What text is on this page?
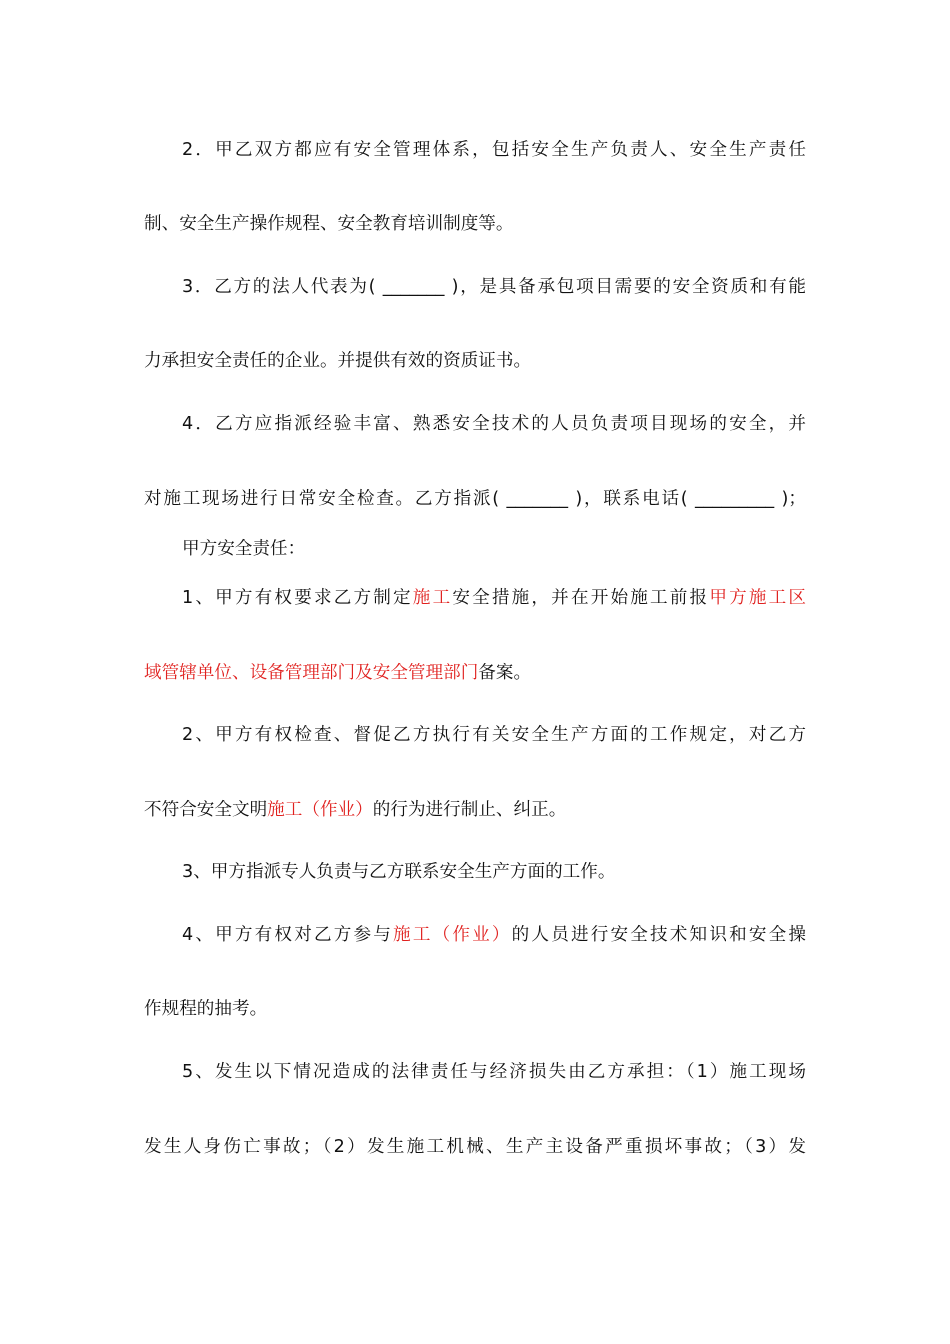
2．甲乙双方都应有安全管理体系，包括安全生产负责人、安全生产责任
制、安全生产操作规程、安全教育培训制度等。
3．乙方的法人代表为( _______ )，是具备承包项目需要的安全资质和有能
力承担安全责任的企业。并提供有效的资质证书。
4．乙方应指派经验丰富、熟悉安全技术的人员负责项目现场的安全，并
对施工现场进行日常安全检查。乙方指派( _______ )，联系电话( _________ )；
甲方安全责任：
1、甲方有权要求乙方制定施工安全措施，并在开始施工前报甲方施工区
域管辖单位、设备管理部门及安全管理部门备案。
2、甲方有权检查、督促乙方执行有关安全生产方面的工作规定，对乙方
不符合安全文明施工（作业）的行为进行制止、纠正。
3、甲方指派专人负责与乙方联系安全生产方面的工作。
4、甲方有权对乙方参与施工（作业）的人员进行安全技术知识和安全操
作规程的抽考。
5、发生以下情况造成的法律责任与经济损失由乙方承担：（1）施工现场
发生人身伤亡事故；（2）发生施工机械、生产主设备严重损坏事故；（3）发
